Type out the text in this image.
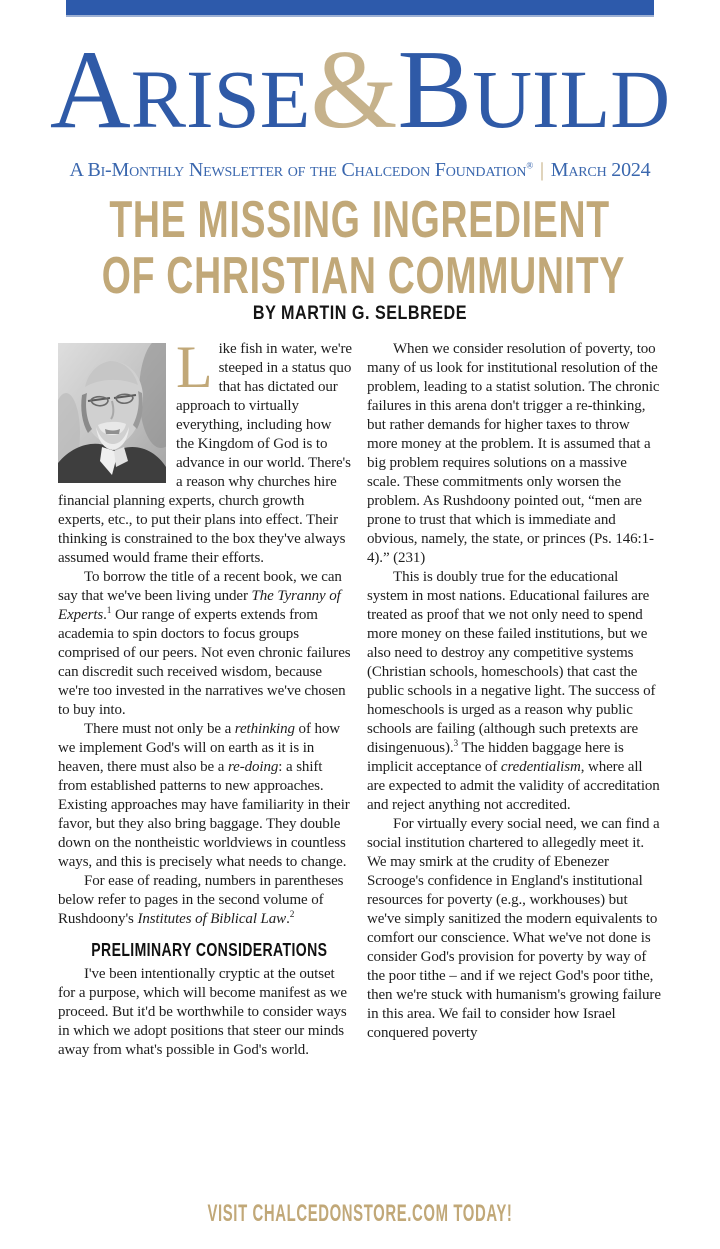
ARISE&BUILD
A Bi-Monthly Newsletter of the Chalcedon Foundation® | March 2024
THE MISSING INGREDIENT
OF CHRISTIAN COMMUNITY
BY MARTIN G. SELBREDE

Like fish in water, we're steeped in a status quo that has dictated our approach to virtually everything, including how the Kingdom of God is to advance in our world. There's a reason why churches hire financial planning experts, church growth experts, etc., to put their plans into effect. Their thinking is constrained to the box they've always assumed would frame their efforts.

To borrow the title of a recent book, we can say that we've been living under The Tyranny of Experts.$^1$ Our range of experts extends from academia to spin doctors to focus groups comprised of our peers. Not even chronic failures can discredit such received wisdom, because we're too invested in the narratives we've chosen to buy into.

There must not only be a rethinking of how we implement God's will on earth as it is in heaven, there must also be a re-doing: a shift from established patterns to new approaches. Existing approaches may have familiarity in their favor, but they also bring baggage. They double down on the nontheistic worldviews in countless ways, and this is precisely what needs to change.

For ease of reading, numbers in parentheses below refer to pages in the second volume of Rushdoony's Institutes of Biblical Law.$^2$

PRELIMINARY CONSIDERATIONS

I've been intentionally cryptic at the outset for a purpose, which will become manifest as we proceed. But it'd be worthwhile to consider ways in which we adopt positions that steer our minds away from what's possible in God's world.

When we consider resolution of poverty, too many of us look for institutional resolution of the problem, leading to a statist solution. The chronic failures in this arena don't trigger a re-thinking, but rather demands for higher taxes to throw more money at the problem. It is assumed that a big problem requires solutions on a massive scale. These commitments only worsen the problem. As Rushdoony pointed out, “men are prone to trust that which is immediate and obvious, namely, the state, or princes (Ps. 146:1-4).” (231)

This is doubly true for the educational system in most nations. Educational failures are treated as proof that we not only need to spend more money on these failed institutions, but we also need to destroy any competitive systems (Christian schools, homeschools) that cast the public schools in a negative light. The success of homeschools is urged as a reason why public schools are failing (although such pretexts are disingenuous).$^3$ The hidden baggage here is implicit acceptance of credentialism, where all are expected to admit the validity of accreditation and reject anything not accredited.

For virtually every social need, we can find a social institution chartered to allegedly meet it. We may smirk at the crudity of Ebenezer Scrooge's confidence in England's institutional resources for poverty (e.g., workhouses) but we've simply sanitized the modern equivalents to comfort our conscience. What we've not done is consider God's provision for poverty by way of the poor tithe – and if we reject God's poor tithe, then we're stuck with humanism's growing failure in this area. We fail to consider how Israel conquered poverty

VISIT CHALCEDONSTORE.COM TODAY!
